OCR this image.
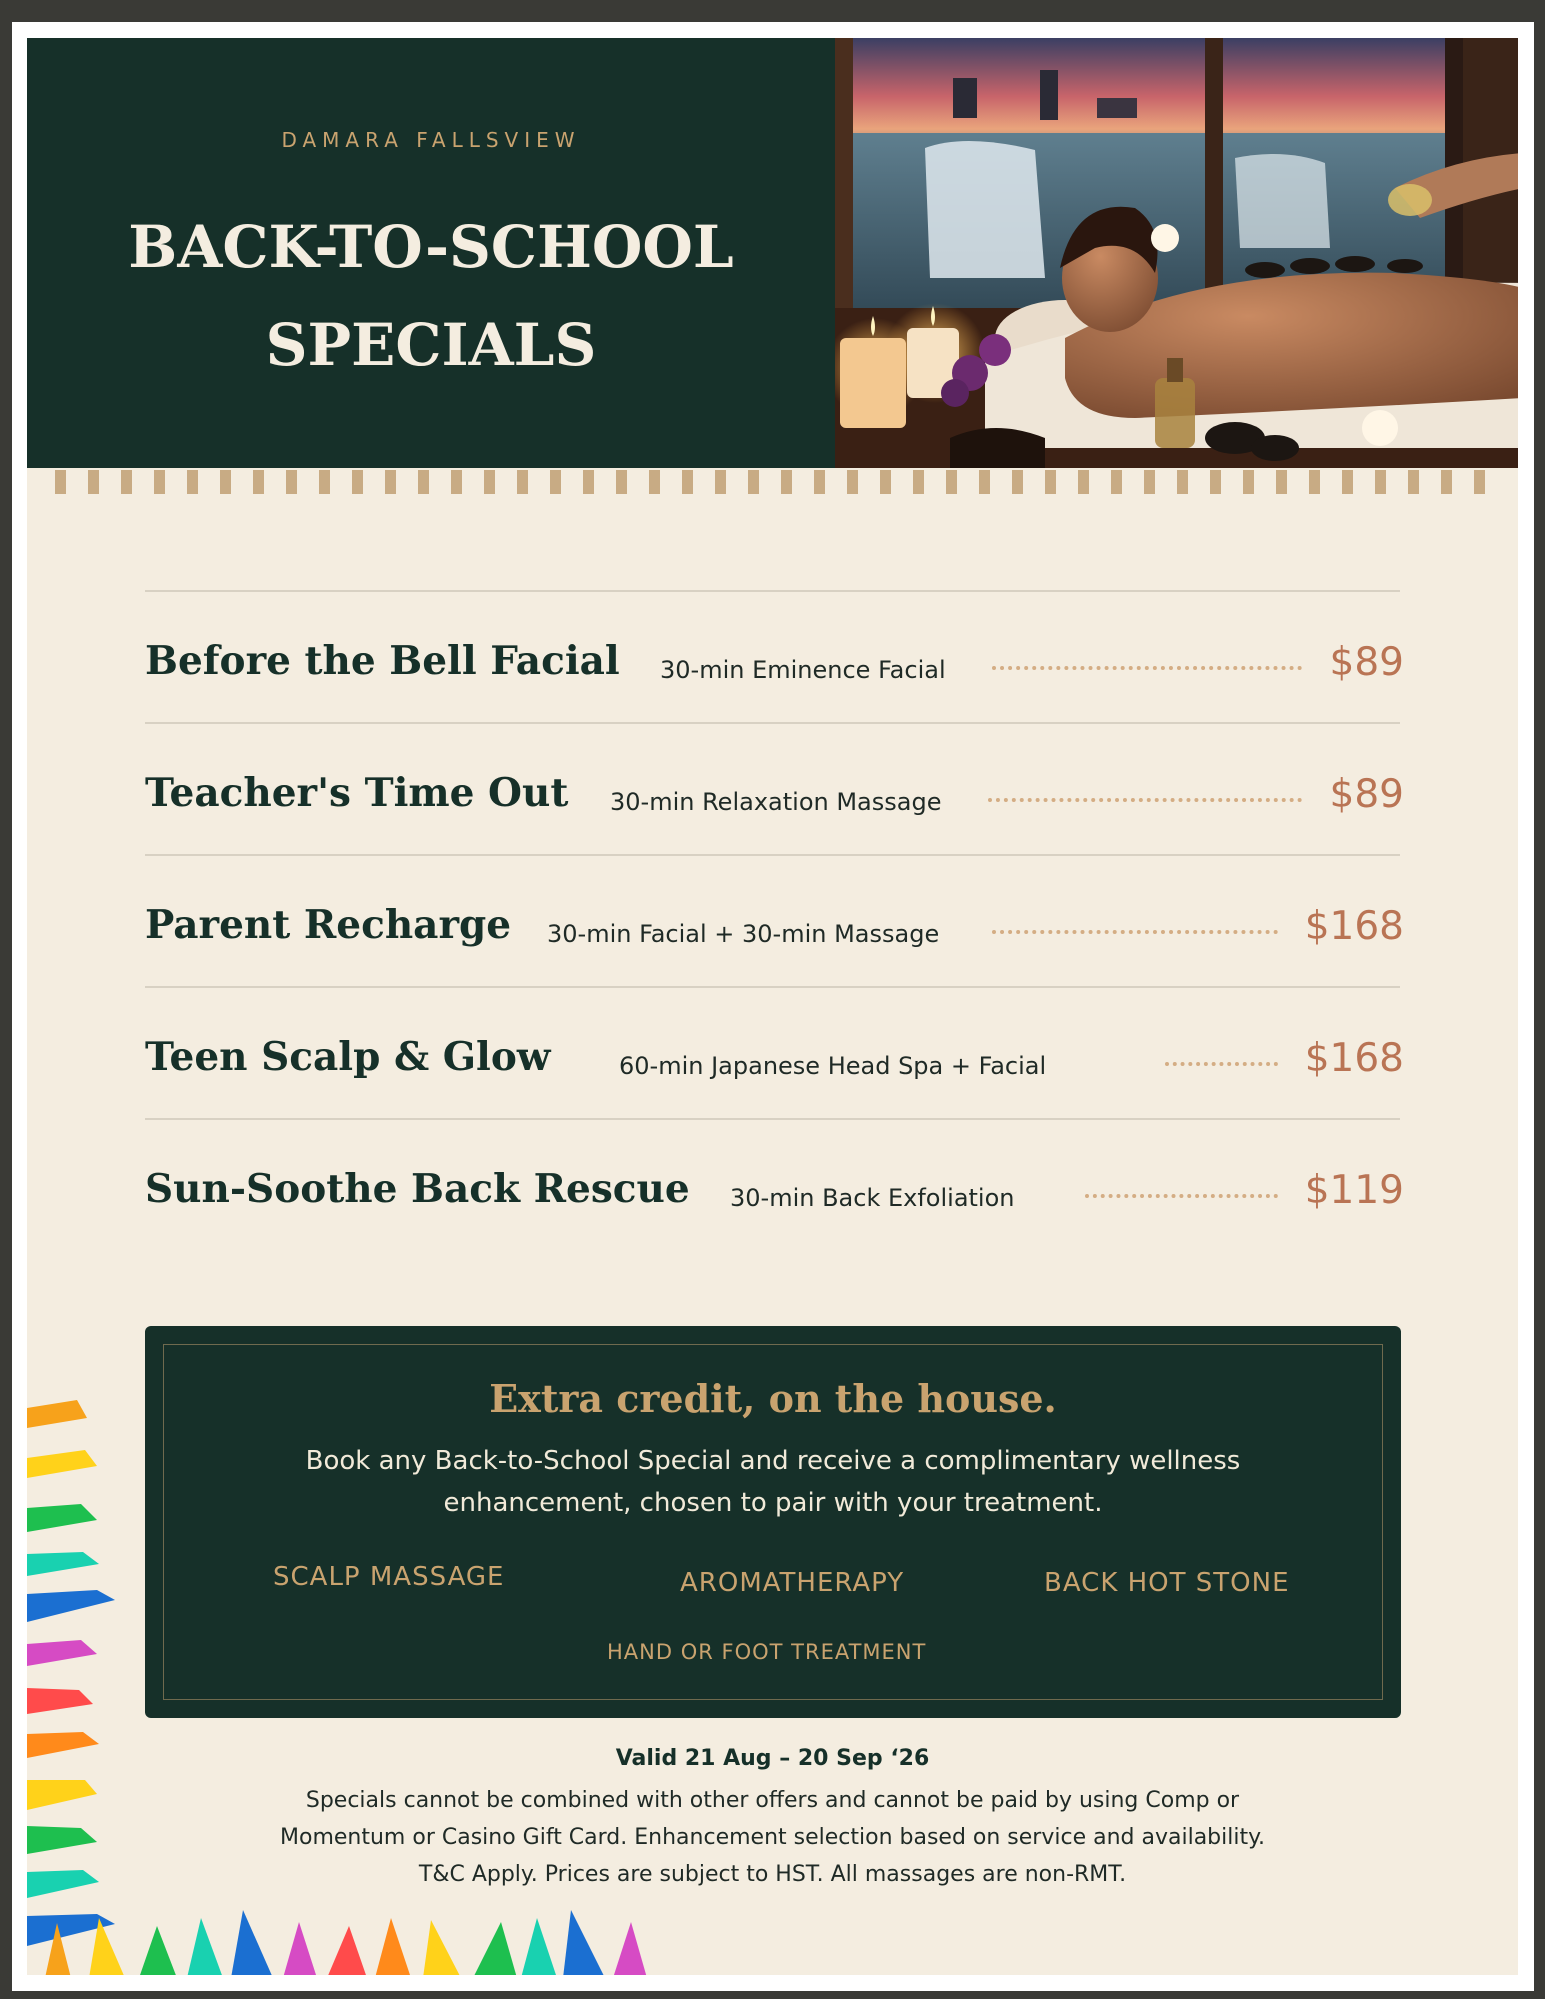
DAMARA FALLSVIEW
BACK-TO-SCHOOL
SPECIALS
Before the Bell Facial 30-min Eminence Facial	$89
Teacher's Time Out 30-min Relaxation Massage	$89
Parent Recharge 30-min Facial + 30-min Massage	$168
Teen Scalp & Glow	60-min Japanese Head Spa + Facial	$168
Sun-Soothe Back Rescue 30-min Back Exfoliation	$119
Extra credit, on the house.
Book any Back-to-School Special and receive a complimentary wellness
enhancement, chosen to pair with your treatment.
SCALP MASSAGE	AROMATHERAPY	BACK HOT STONE
HAND OR FOOT TREATMENT
Valid 21 Aug – 20 Sep ‘26
Specials cannot be combined with other offers and cannot be paid by using Comp or
Momentum or Casino Gift Card. Enhancement selection based on service and availability.
T&C Apply. Prices are subject to HST. All massages are non-RMT.
